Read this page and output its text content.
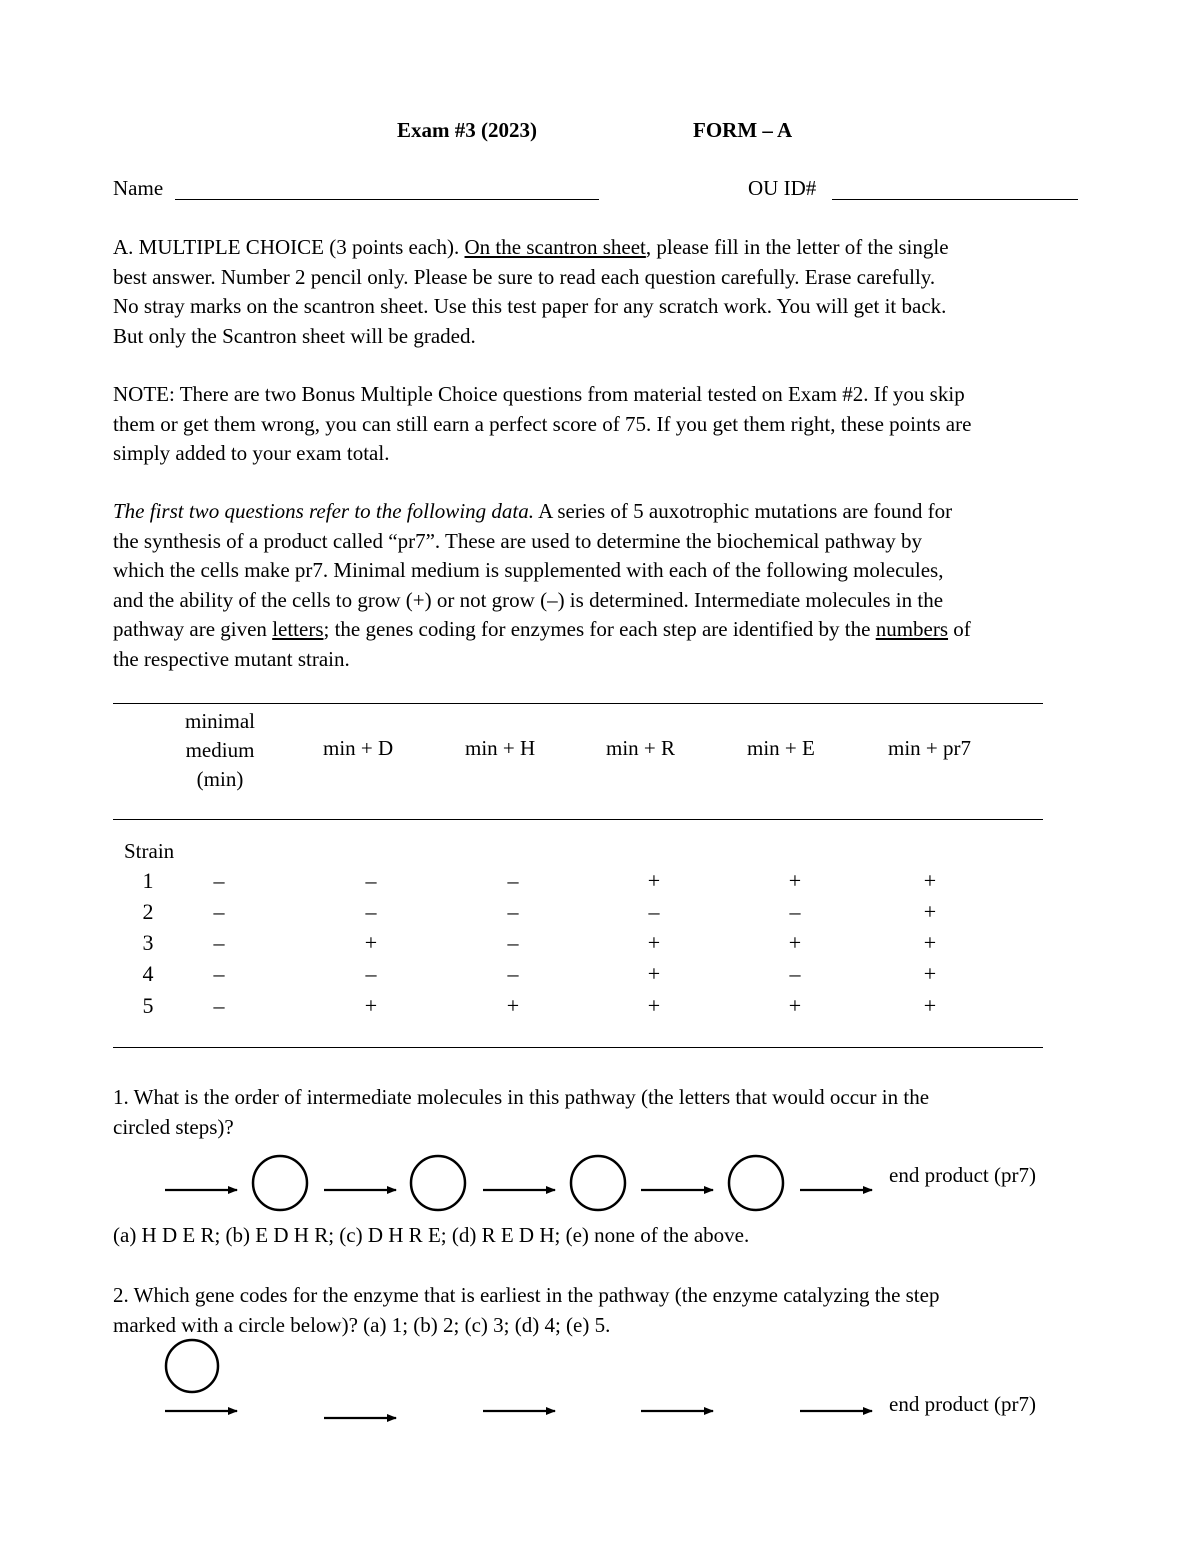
Exam #3 (2023)	FORM – A
Name	OU ID#
A. MULTIPLE CHOICE (3 points each). On the scantron sheet, please fill in the letter of the single
best answer. Number 2 pencil only. Please be sure to read each question carefully. Erase carefully.
No stray marks on the scantron sheet. Use this test paper for any scratch work. You will get it back.
But only the Scantron sheet will be graded.
NOTE: There are two Bonus Multiple Choice questions from material tested on Exam #2. If you skip
them or get them wrong, you can still earn a perfect score of 75. If you get them right, these points are
simply added to your exam total.
The first two questions refer to the following data. A series of 5 auxotrophic mutations are found for
the synthesis of a product called “pr7”. These are used to determine the biochemical pathway by
which the cells make pr7. Minimal medium is supplemented with each of the following molecules,
and the ability of the cells to grow (+) or not grow (–) is determined. Intermediate molecules in the
pathway are given letters; the genes coding for enzymes for each step are identified by the numbers of
the respective mutant strain.
minimal
medium
(min)
min + D	min + H	min + R	min + E	min + pr7
Strain
1	–	–	–	+	+	+
2	–	–	–	–	–	+
3	–	+	–	+	+	+
4	–	–	–	+	–	+
5	–	+	+	+	+	+
1. What is the order of intermediate molecules in this pathway (the letters that would occur in the
circled steps)?
end product (pr7)
(a) H D E R; (b) E D H R; (c) D H R E; (d) R E D H; (e) none of the above.
2. Which gene codes for the enzyme that is earliest in the pathway (the enzyme catalyzing the step
marked with a circle below)? (a) 1; (b) 2; (c) 3; (d) 4; (e) 5.
end product (pr7)
